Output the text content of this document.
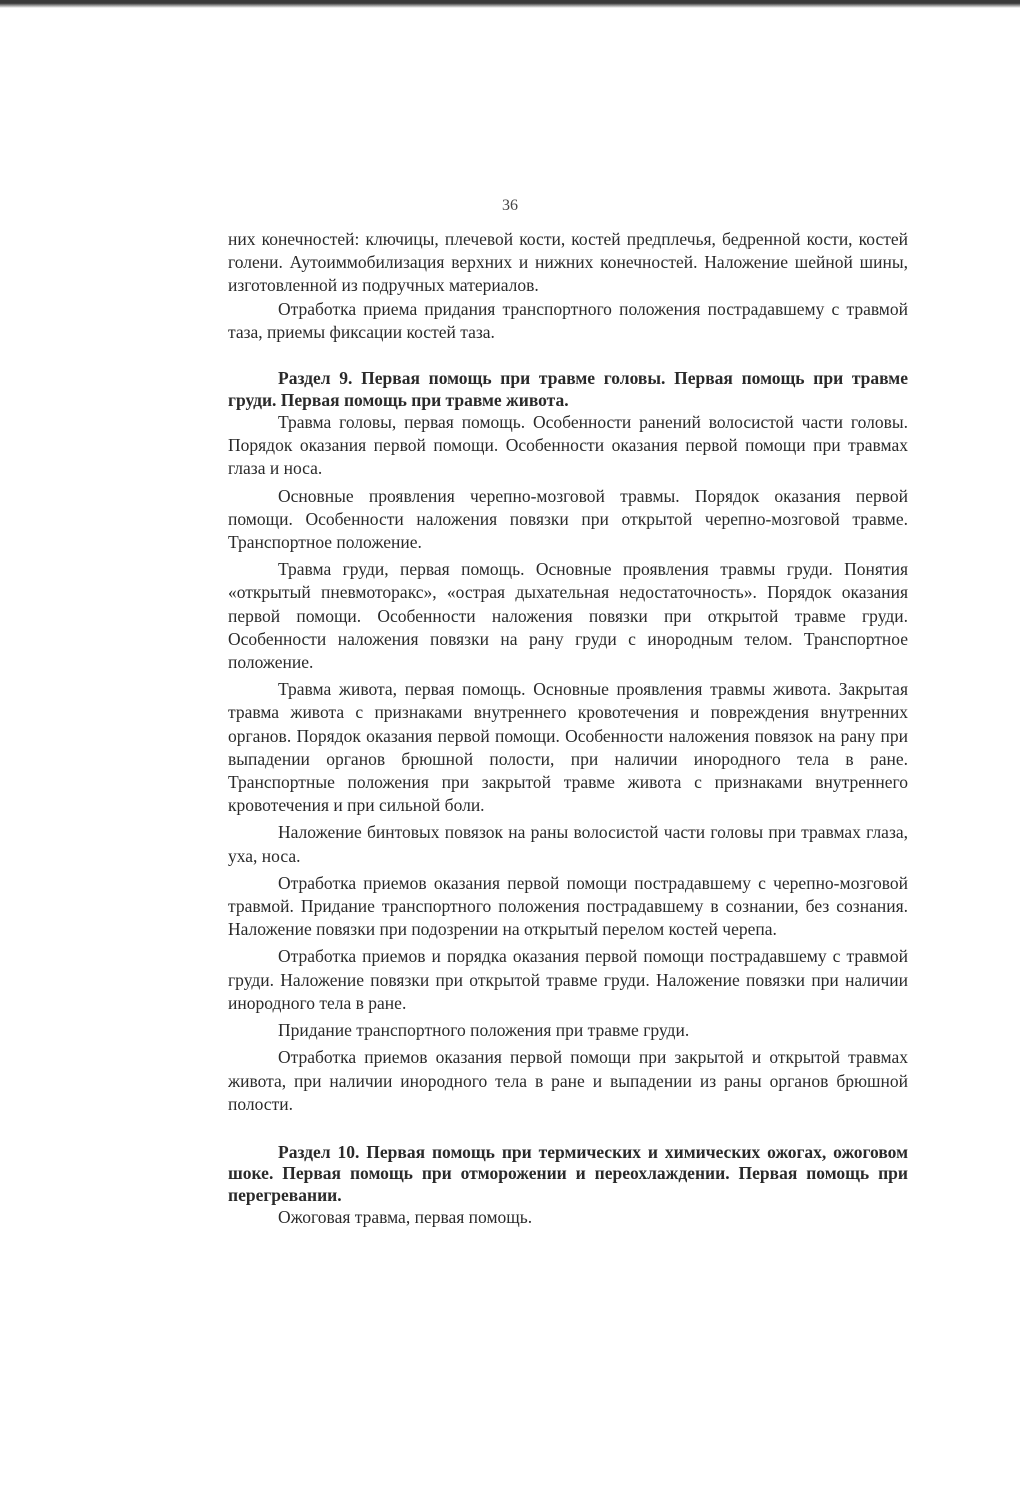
36

них конечностей: ключицы, плечевой кости, костей предплечья, бедренной кости, костей голени. Аутоиммобилизация верхних и нижних конечностей. Наложение шейной шины, изготовленной из подручных материалов.

Отработка приема придания транспортного положения пострадавшему с травмой таза, приемы фиксации костей таза.

Раздел 9. Первая помощь при травме головы. Первая помощь при травме груди. Первая помощь при травме живота.

Травма головы, первая помощь. Особенности ранений волосистой части головы. Порядок оказания первой помощи. Особенности оказания первой помощи при травмах глаза и носа.

Основные проявления черепно-мозговой травмы. Порядок оказания первой помощи. Особенности наложения повязки при открытой черепно-мозговой травме. Транспортное положение.

Травма груди, первая помощь. Основные проявления травмы груди. Понятия «открытый пневмоторакс», «острая дыхательная недостаточность». Порядок оказания первой помощи. Особенности наложения повязки при открытой травме груди. Особенности наложения повязки на рану груди с инородным телом. Транспортное положение.

Травма живота, первая помощь. Основные проявления травмы живота. Закрытая травма живота с признаками внутреннего кровотечения и повреждения внутренних органов. Порядок оказания первой помощи. Особенности наложения повязок на рану при выпадении органов брюшной полости, при наличии инородного тела в ране. Транспортные положения при закрытой травме живота с признаками внутреннего кровотечения и при сильной боли.

Наложение бинтовых повязок на раны волосистой части головы при травмах глаза, уха, носа.

Отработка приемов оказания первой помощи пострадавшему с черепно-мозговой травмой. Придание транспортного положения пострадавшему в сознании, без сознания. Наложение повязки при подозрении на открытый перелом костей черепа.

Отработка приемов и порядка оказания первой помощи пострадавшему с травмой груди. Наложение повязки при открытой травме груди. Наложение повязки при наличии инородного тела в ране.

Придание транспортного положения при травме груди.

Отработка приемов оказания первой помощи при закрытой и открытой травмах живота, при наличии инородного тела в ране и выпадении из раны органов брюшной полости.

Раздел 10. Первая помощь при термических и химических ожогах, ожоговом шоке. Первая помощь при отморожении и переохлаждении. Первая помощь при перегревании.

Ожоговая травма, первая помощь.
